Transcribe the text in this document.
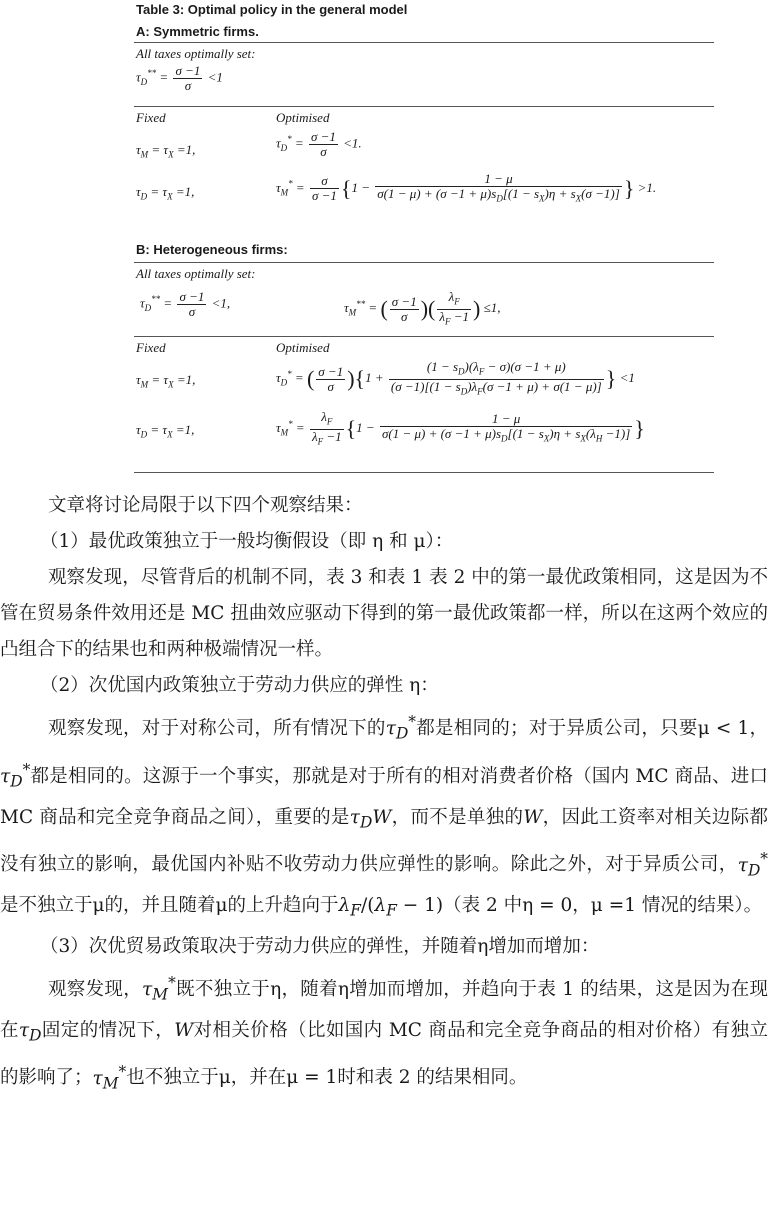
Table 3: Optimal policy in the general model
A: Symmetric firms.
All taxes optimally set:
$\tau_D^{**} = \frac{\sigma -1}{\sigma} <1$
Fixed	Optimised
$\tau_M = \tau_X =1$,	$\tau_D^* = \frac{\sigma -1}{\sigma} <1$.
$\tau_D = \tau_X =1$,	$\tau_M^* = \frac{\sigma}{\sigma -1} \{1 - \frac{1 - \mu}{\sigma(1 - \mu) + (\sigma -1 + \mu)s_D[(1 - s_X)\eta + s_X(\sigma -1)]}$ } >1.
B: Heterogeneous firms:
All taxes optimally set:
$\tau_D^{**} = \frac{\sigma -1}{\sigma} <1$,	$\tau_M^{**}$ = ( $\frac{\sigma -1}{\sigma}$ )( $\frac{\lambda_F}{\lambda_F -1}$ ) ≤1,
Fixed	Optimised
$\tau_M = \tau_X =1$,	$\tau_D^*$ = ( $\frac{\sigma -1}{\sigma} )\{1 + \frac{(1 - s_D)(\lambda_F - \sigma)(\sigma -1 + \mu)}{(\sigma -1)[(1 - s_D)\lambda_F(\sigma -1 + \mu) + \sigma(1 - \mu)]}$ } <1
$\tau_D = \tau_X =1$,	$\tau_M^* = \frac{\lambda_F}{\lambda_F -1} \{1 - \frac{1 - \mu}{\sigma(1 - \mu) + (\sigma -1 + \mu)s_D[(1 - s_X)\eta + s_X(\lambda_H -1)]}$ }

文章将讨论局限于以下四个观察结果：

（1）最优政策独立于一般均衡假设（即 η 和 μ）：

观察发现，尽管背后的机制不同，表 3 和表 1 表 2 中的第一最优政策相同，这是因为不管在贸易条件效用还是 MC 扭曲效应驱动下得到的第一最优政策都一样，所以在这两个效应的凸组合下的结果也和两种极端情况一样。

（2）次优国内政策独立于劳动力供应的弹性 η：

观察发现，对于对称公司，所有情况下的$\tau_D^*$都是相同的；对于异质公司，只要μ < 1，$\tau_D^*$都是相同的。这源于一个事实，那就是对于所有的相对消费者价格（国内 MC 商品、进口 MC 商品和完全竞争商品之间），重要的是$\tau_DW$，而不是单独的W，因此工资率对相关边际都没有独立的影响，最优国内补贴不收劳动力供应弹性的影响。除此之外，对于异质公司，$\tau_D^*$是不独立于μ的，并且随着μ的上升趋向于$\lambda_F/(\lambda_F - 1)$（表 2 中η = 0，μ =1 情况的结果）。

（3）次优贸易政策取决于劳动力供应的弹性，并随着η增加而增加：

观察发现，$\tau_M^*$既不独立于η，随着η增加而增加，并趋向于表 1 的结果，这是因为在现在$\tau_D$固定的情况下，W对相关价格（比如国内 MC 商品和完全竞争商品的相对价格）有独立的影响了；$\tau_M^*$也不独立于μ，并在μ = 1时和表 2 的结果相同。
